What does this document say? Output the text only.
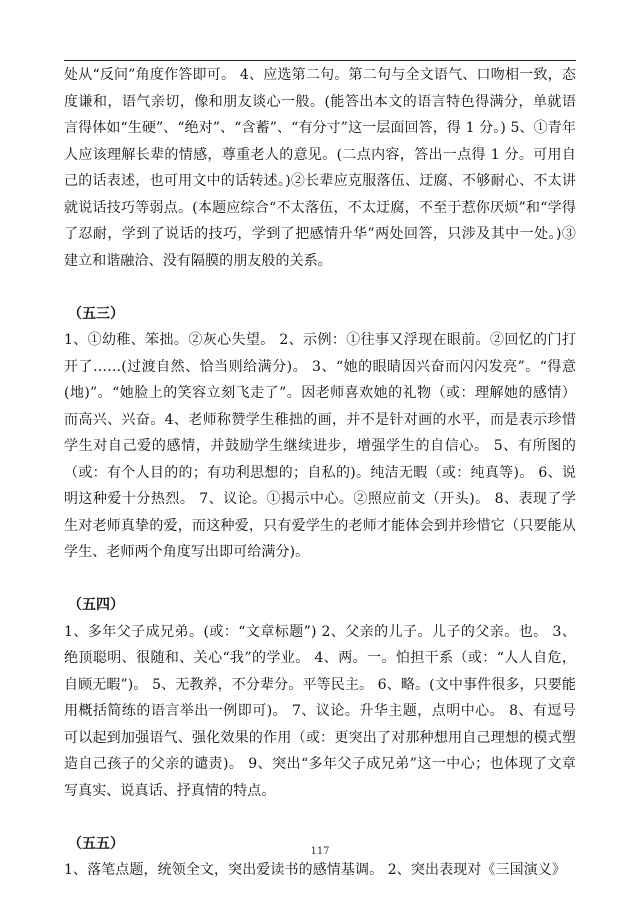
处从“反问”角度作答即可。 4、应选第二句。第二句与全文语气、口吻相一致，态度谦和，语气亲切，像和朋友谈心一般。(能答出本文的语言特色得满分，单就语言得体如“生硬”、“绝对”、“含蓄”、“有分寸”这一层面回答，得 1 分。) 5、①青年人应该理解长辈的情感，尊重老人的意见。(二点内容，答出一点得 1 分。可用自己的话表述，也可用文中的话转述。)②长辈应克服落伍、迂腐、不够耐心、不太讲就说话技巧等弱点。(本题应综合“不太落伍，不太迂腐，不至于惹你厌烦”和“学得了忍耐，学到了说话的技巧，学到了把感情升华”两处回答，只涉及其中一处。)③建立和谐融洽、没有隔膜的朋友般的关系。

（五三）

1、①幼稚、笨拙。②灰心失望。 2、示例：①往事又浮现在眼前。②回忆的门打开了……(过渡自然、恰当则给满分)。 3、“她的眼睛因兴奋而闪闪发亮”。“得意(地)”。“她脸上的笑容立刻飞走了”。因老师喜欢她的礼物（或：理解她的感情）而高兴、兴奋。4、老师称赞学生稚拙的画，并不是针对画的水平，而是表示珍惜学生对自己爱的感情，并鼓励学生继续进步，增强学生的自信心。 5、有所图的（或：有个人目的的；有功利思想的；自私的)。纯洁无暇（或：纯真等)。 6、说明这种爱十分热烈。 7、议论。①揭示中心。②照应前文（开头)。 8、表现了学生对老师真挚的爱，而这种爱，只有爱学生的老师才能体会到并珍惜它（只要能从学生、老师两个角度写出即可给满分)。

（五四）

1、多年父子成兄弟。(或：“文章标题”) 2、父亲的儿子。儿子的父亲。也。 3、绝顶聪明、很随和、关心“我”的学业。 4、两。一。怕担干系（或：“人人自危，自顾无暇”)。 5、无教养，不分辈分。平等民主。 6、略。(文中事件很多，只要能用概括简练的语言举出一例即可)。 7、议论。升华主题，点明中心。 8、有逗号可以起到加强语气、强化效果的作用（或：更突出了对那种想用自己理想的模式塑造自己孩子的父亲的谴责)。 9、突出“多年父子成兄弟”这一中心；也体现了文章写真实、说真话、抒真情的特点。

（五五）

1、落笔点题，统领全文，突出爱读书的感情基调。 2、突出表现对《三国演义》

117
